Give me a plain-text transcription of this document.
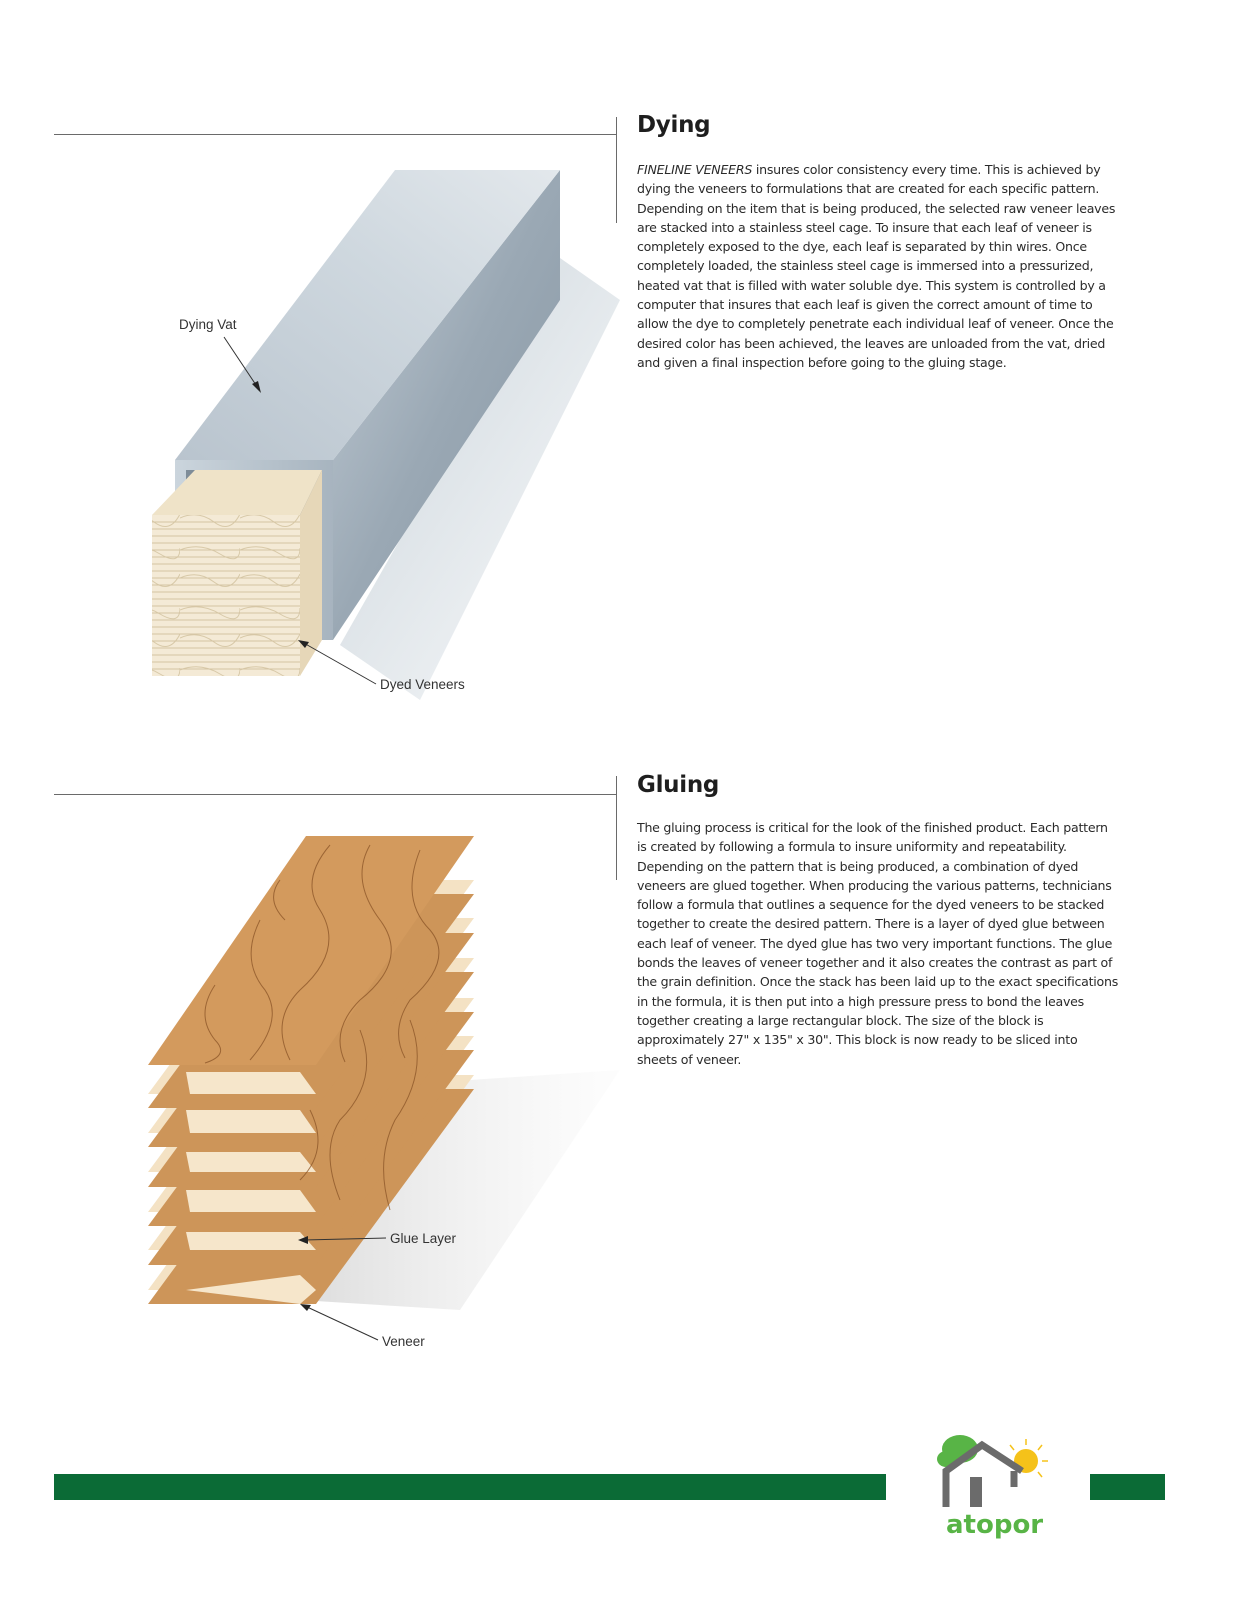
Dying

FINELINE VENEERS insures color consistency every time. This is achieved by dying the veneers to formulations that are created for each specific pattern. Depending on the item that is being produced, the selected raw veneer leaves are stacked into a stainless steel cage. To insure that each leaf of veneer is completely exposed to the dye, each leaf is separated by thin wires. Once completely loaded, the stainless steel cage is immersed into a pressurized, heated vat that is filled with water soluble dye. This system is controlled by a computer that insures that each leaf is given the correct amount of time to allow the dye to completely penetrate each individual leaf of veneer. Once the desired color has been achieved, the leaves are unloaded from the vat, dried and given a final inspection before going to the gluing stage.

Dying Vat
Dyed Veneers
Gluing

The gluing process is critical for the look of the finished product. Each pattern is created by following a formula to insure uniformity and repeatability. Depending on the pattern that is being produced, a combination of dyed veneers are glued together. When producing the various patterns, technicians follow a formula that outlines a sequence for the dyed veneers to be stacked together to create the desired pattern. There is a layer of dyed glue between each leaf of veneer. The dyed glue has two very important functions. The glue bonds the leaves of veneer together and it also creates the contrast as part of the grain definition. Once the stack has been laid up to the exact specifications in the formula, it is then put into a high pressure press to bond the leaves together creating a large rectangular block. The size of the block is approximately 27" x 135" x 30". This block is now ready to be sliced into sheets of veneer.

Glue Layer
Veneer
atopor
